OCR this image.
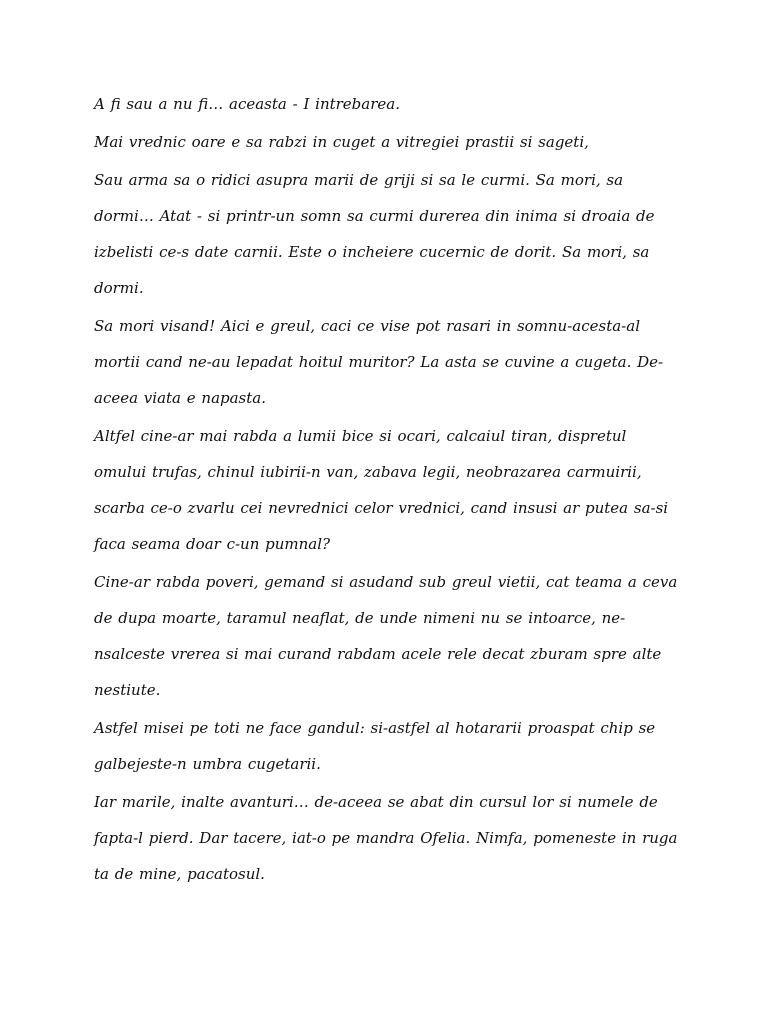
A fi sau a nu fi… aceasta - I intrebarea.

Mai vrednic oare e sa rabzi in cuget a vitregiei prastii si sageti,

Sau arma sa o ridici asupra marii de griji si sa le curmi. Sa mori, sa dormi… Atat - si printr-un somn sa curmi durerea din inima si droaia de izbelisti ce-s date carnii. Este o incheiere cucernic de dorit. Sa mori, sa dormi.

Sa mori visand! Aici e greul, caci ce vise pot rasari in somnu-acesta-al mortii cand ne-au lepadat hoitul muritor? La asta se cuvine a cugeta. De-aceea viata e napasta.

Altfel cine-ar mai rabda a lumii bice si ocari, calcaiul tiran, dispretul omului trufas, chinul iubirii-n van, zabava legii, neobrazarea carmuirii, scarba ce-o zvarlu cei nevrednici celor vrednici, cand insusi ar putea sa-si faca seama doar c-un pumnal?

Cine-ar rabda poveri, gemand si asudand sub greul vietii, cat teama a ceva de dupa moarte, taramul neaflat, de unde nimeni nu se intoarce, ne-nsalceste vrerea si mai curand rabdam acele rele decat zburam spre alte nestiute.

Astfel misei pe toti ne face gandul: si-astfel al hotararii proaspat chip se galbejeste-n umbra cugetarii.

Iar marile, inalte avanturi… de-aceea se abat din cursul lor si numele de fapta-l pierd. Dar tacere, iat-o pe mandra Ofelia. Nimfa, pomeneste in ruga ta de mine, pacatosul.
